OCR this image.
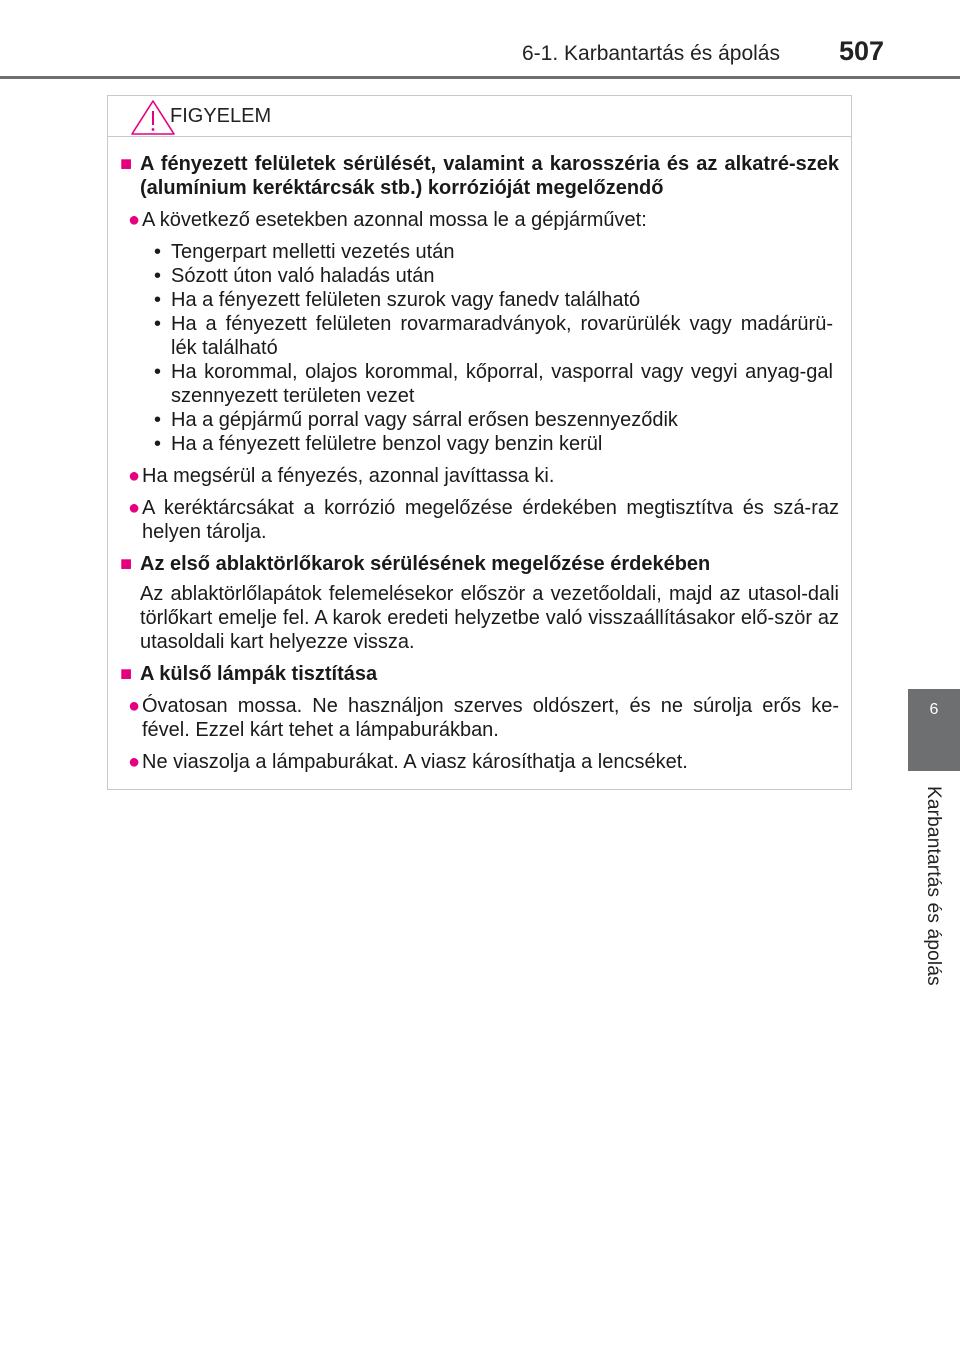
6-1. Karbantartás és ápolás 507
6
Karbantartás és ápolás
FIGYELEM
■ A fényezett felületek sérülését, valamint a karosszéria és az alkatré-szek (alumínium keréktárcsák stb.) korrózióját megelőzendő
● A következő esetekben azonnal mossa le a gépjárművet:
• Tengerpart melletti vezetés után
• Sózott úton való haladás után
• Ha a fényezett felületen szurok vagy fanedv található
• Ha a fényezett felületen rovarmaradványok, rovarürülék vagy madárürü-lék található
• Ha korommal, olajos korommal, kőporral, vasporral vagy vegyi anyag-gal szennyezett területen vezet
• Ha a gépjármű porral vagy sárral erősen beszennyeződik
• Ha a fényezett felületre benzol vagy benzin kerül
● Ha megsérül a fényezés, azonnal javíttassa ki.
● A keréktárcsákat a korrózió megelőzése érdekében megtisztítva és szá-raz helyen tárolja.
■ Az első ablaktörlőkarok sérülésének megelőzése érdekében
Az ablaktörlőlapátok felemelésekor először a vezetőoldali, majd az utasol-dali törlőkart emelje fel. A karok eredeti helyzetbe való visszaállításakor elő-ször az utasoldali kart helyezze vissza.
■ A külső lámpák tisztítása
● Óvatosan mossa. Ne használjon szerves oldószert, és ne súrolja erős ke-fével. Ezzel kárt tehet a lámpaburákban.
● Ne viaszolja a lámpaburákat. A viasz károsíthatja a lencséket.
